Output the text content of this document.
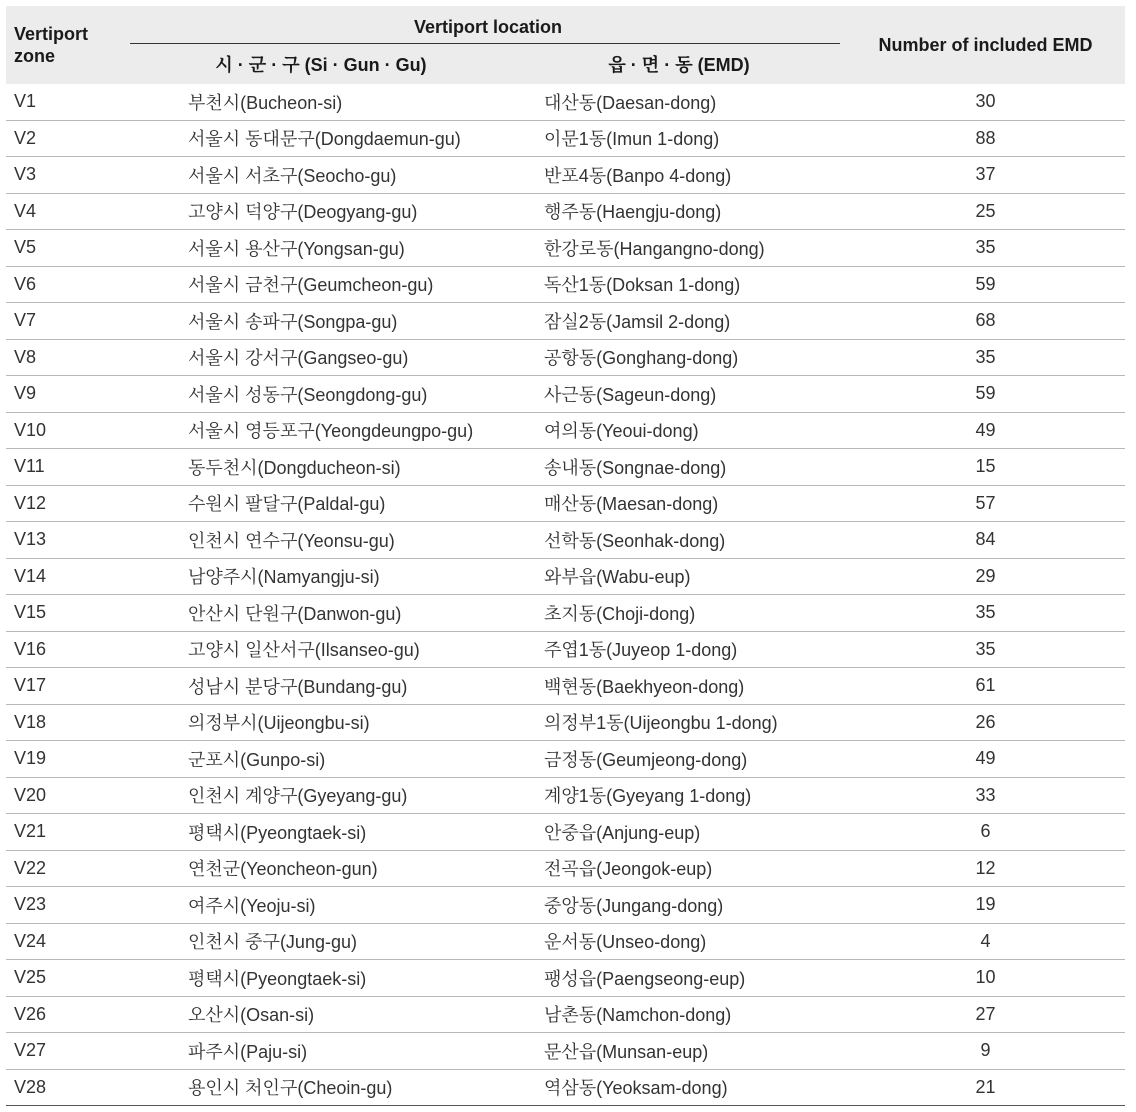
Vertiport zone	Vertiport location		Number of included EMD
	시 · 군 · 구 (Si · Gun · Gu)	읍 · 면 · 동 (EMD)	
V1	부천시(Bucheon-si)	대산동(Daesan-dong)	30
V2	서울시 동대문구(Dongdaemun-gu)	이문1동(Imun 1-dong)	88
V3	서울시 서초구(Seocho-gu)	반포4동(Banpo 4-dong)	37
V4	고양시 덕양구(Deogyang-gu)	행주동(Haengju-dong)	25
V5	서울시 용산구(Yongsan-gu)	한강로동(Hangangno-dong)	35
V6	서울시 금천구(Geumcheon-gu)	독산1동(Doksan 1-dong)	59
V7	서울시 송파구(Songpa-gu)	잠실2동(Jamsil 2-dong)	68
V8	서울시 강서구(Gangseo-gu)	공항동(Gonghang-dong)	35
V9	서울시 성동구(Seongdong-gu)	사근동(Sageun-dong)	59
V10	서울시 영등포구(Yeongdeungpo-gu)	여의동(Yeoui-dong)	49
V11	동두천시(Dongducheon-si)	송내동(Songnae-dong)	15
V12	수원시 팔달구(Paldal-gu)	매산동(Maesan-dong)	57
V13	인천시 연수구(Yeonsu-gu)	선학동(Seonhak-dong)	84
V14	남양주시(Namyangju-si)	와부읍(Wabu-eup)	29
V15	안산시 단원구(Danwon-gu)	초지동(Choji-dong)	35
V16	고양시 일산서구(Ilsanseo-gu)	주엽1동(Juyeop 1-dong)	35
V17	성남시 분당구(Bundang-gu)	백현동(Baekhyeon-dong)	61
V18	의정부시(Uijeongbu-si)	의정부1동(Uijeongbu 1-dong)	26
V19	군포시(Gunpo-si)	금정동(Geumjeong-dong)	49
V20	인천시 계양구(Gyeyang-gu)	계양1동(Gyeyang 1-dong)	33
V21	평택시(Pyeongtaek-si)	안중읍(Anjung-eup)	6
V22	연천군(Yeoncheon-gun)	전곡읍(Jeongok-eup)	12
V23	여주시(Yeoju-si)	중앙동(Jungang-dong)	19
V24	인천시 중구(Jung-gu)	운서동(Unseo-dong)	4
V25	평택시(Pyeongtaek-si)	팽성읍(Paengseong-eup)	10
V26	오산시(Osan-si)	남촌동(Namchon-dong)	27
V27	파주시(Paju-si)	문산읍(Munsan-eup)	9
V28	용인시 처인구(Cheoin-gu)	역삼동(Yeoksam-dong)	21
